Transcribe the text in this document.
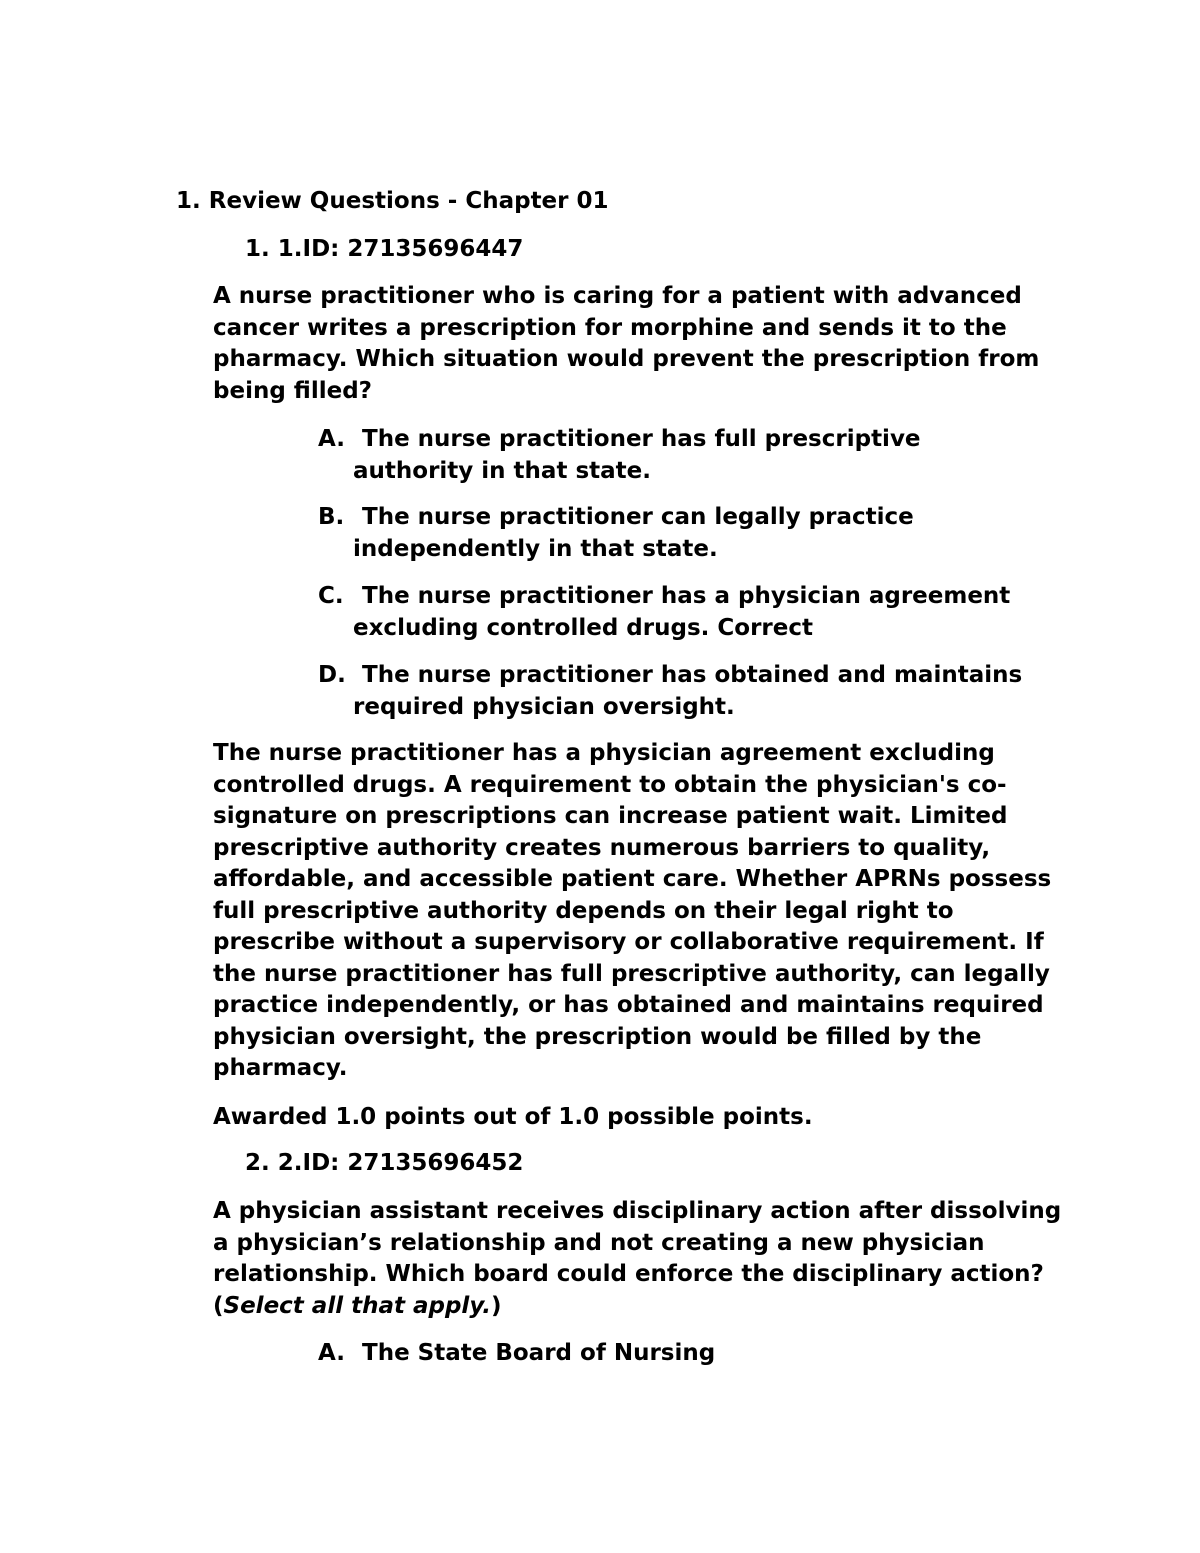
1. Review Questions - Chapter 01
1. 1.ID: 27135696447

A nurse practitioner who is caring for a patient with advanced cancer writes a prescription for morphine and sends it to the pharmacy. Which situation would prevent the prescription from being filled?

A. The nurse practitioner has full prescriptive
authority in that state.
B. The nurse practitioner can legally practice
independently in that state.
C. The nurse practitioner has a physician agreement
excluding controlled drugs. Correct
D. The nurse practitioner has obtained and maintains
required physician oversight.

The nurse practitioner has a physician agreement excluding controlled drugs. A requirement to obtain the physician's co-signature on prescriptions can increase patient wait. Limited prescriptive authority creates numerous barriers to quality, affordable, and accessible patient care. Whether APRNs possess full prescriptive authority depends on their legal right to prescribe without a supervisory or collaborative requirement. If the nurse practitioner has full prescriptive authority, can legally practice independently, or has obtained and maintains required physician oversight, the prescription would be filled by the pharmacy.

Awarded 1.0 points out of 1.0 possible points.

2. 2.ID: 27135696452

A physician assistant receives disciplinary action after dissolving a physician’s relationship and not creating a new physician relationship. Which board could enforce the disciplinary action? (Select all that apply.)

A. The State Board of Nursing
